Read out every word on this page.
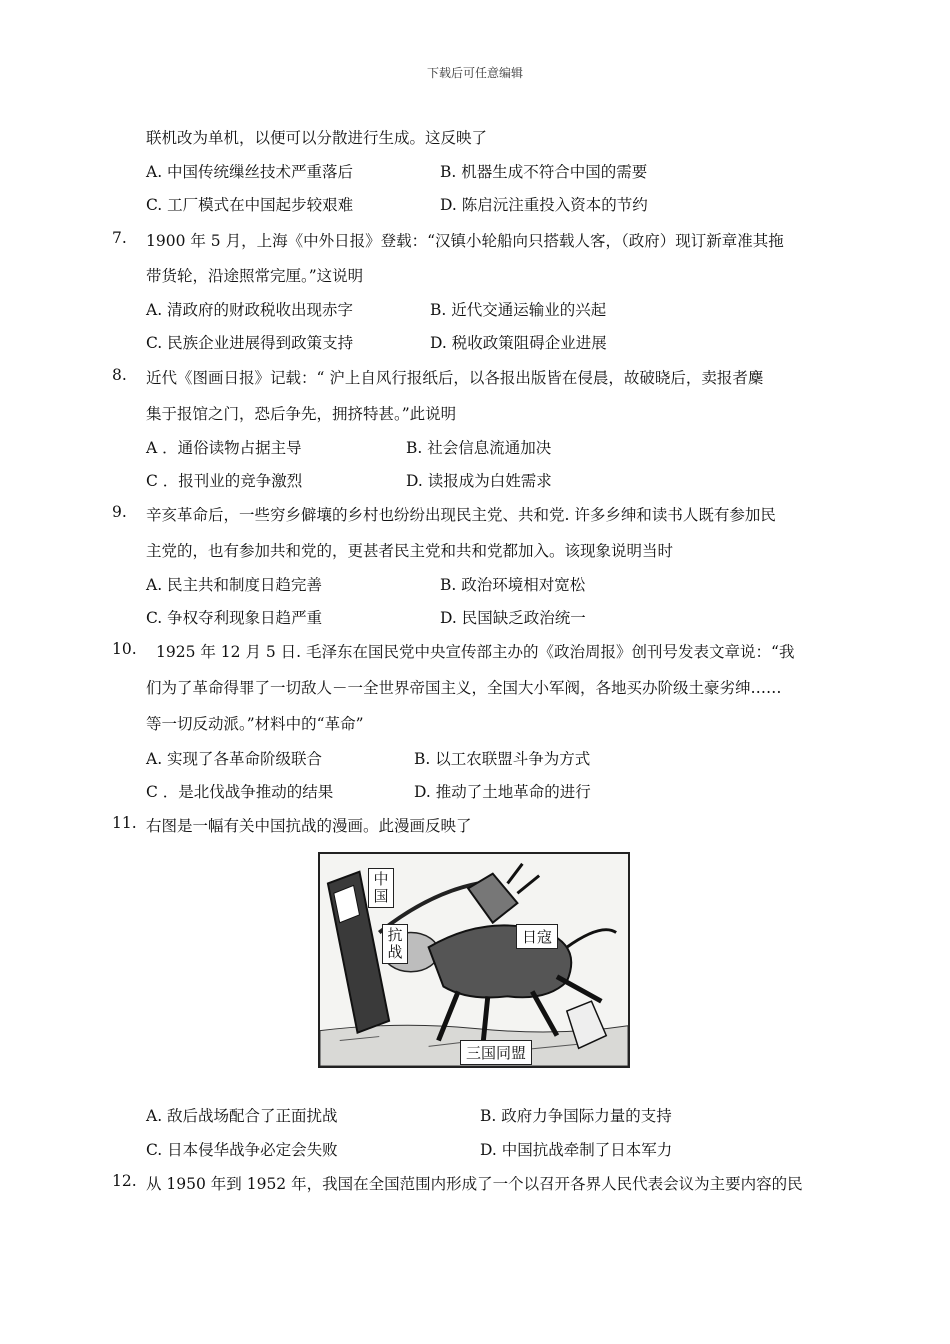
下载后可任意编辑
联机改为单机，以便可以分散进行生成。这反映了
A. 中国传统缫丝技术严重落后	B. 机器生成不符合中国的需要
C. 工厂模式在中国起步较艰难	D. 陈启沅注重投入资本的节约
7. 1900 年 5 月，上海《中外日报》登载：“汉镇小轮船向只搭载人客，（政府）现订新章准其拖
带货轮，沿途照常完厘。”这说明
A. 清政府的财政税收出现赤字	B. 近代交通运输业的兴起
C. 民族企业进展得到政策支持	D. 税收政策阻碍企业进展
8. 近代《图画日报》记载：“ 沪上自风行报纸后，以各报出版皆在侵晨，故破晓后，卖报者麇
集于报馆之门，恐后争先，拥挤特甚。”此说明
A ．通俗读物占据主导	B. 社会信息流通加决
C ．报刊业的竞争激烈	D. 读报成为白姓需求
9. 辛亥革命后，一些穷乡僻壤的乡村也纷纷出现民主党、共和党. 许多乡绅和读书人既有参加民
主党的，也有参加共和党的，更甚者民主党和共和党都加入。该现象说明当时
A. 民主共和制度日趋完善	B. 政治环境相对宽松
C. 争权夺利现象日趋严重	D. 民国缺乏政治统一
10. 1925 年 12 月 5 日. 毛泽东在国民党中央宣传部主办的《政治周报》创刊号发表文章说：“我
们为了革命得罪了一切敌人－一全世界帝国主义，全国大小军阀，各地买办阶级土豪劣绅……
等一切反动派。”材料中的“革命”
A. 实现了各革命阶级联合	B. 以工农联盟斗争为方式
C ．是北伐战争推动的结果	D. 推动了土地革命的进行
11. 右图是一幅有关中国抗战的漫画。此漫画反映了
中国
抗战
日寇
三国同盟
A. 敌后战场配合了正面扰战	B. 政府力争国际力量的支持
C. 日本侵华战争必定会失败	D. 中国抗战牵制了日本军力
12. 从 1950 年到 1952 年，我国在全国范围内形成了一个以召开各界人民代表会议为主要内容的民
